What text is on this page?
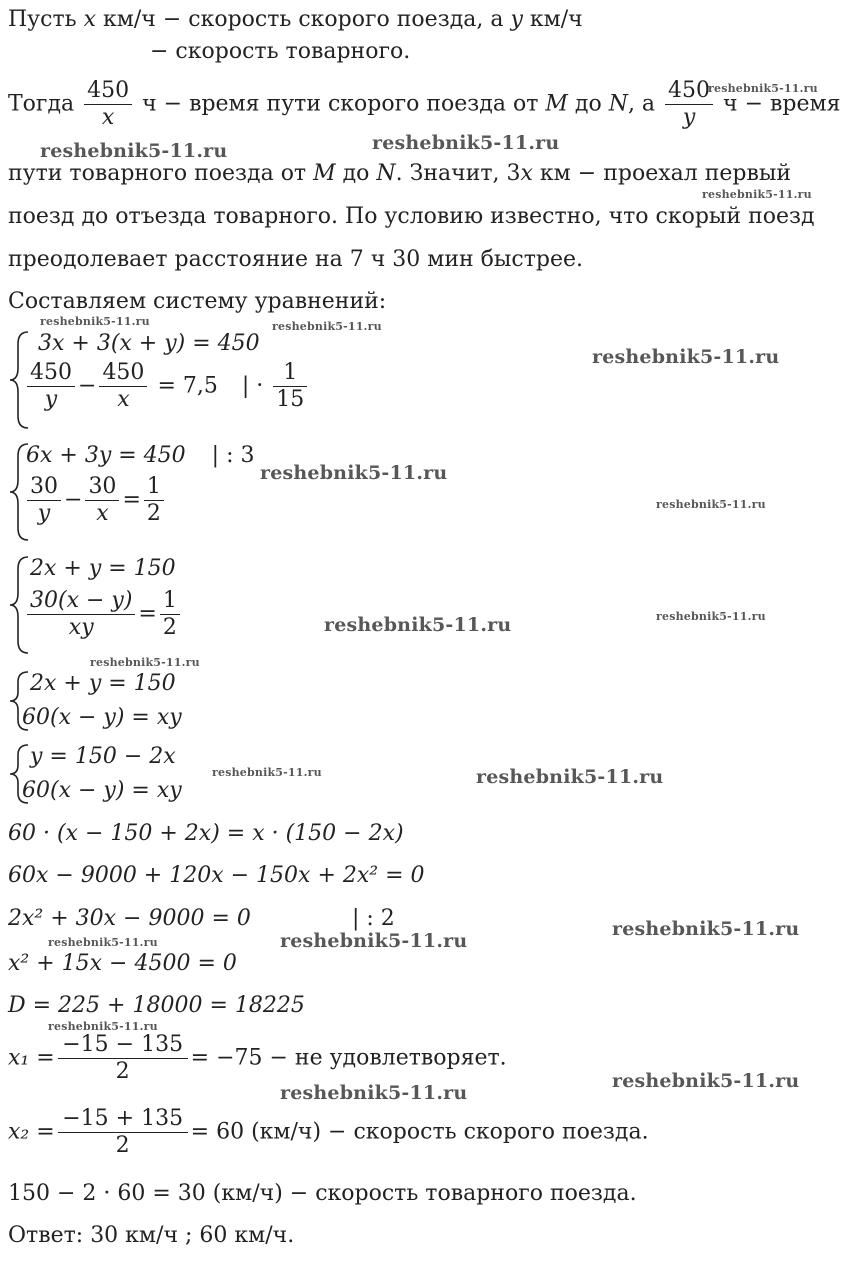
Пусть x км/ч − скорость скорого поезда, а y км/ч
− скорость товарного.
Тогда $\frac{450}{x}$ ч − время пути скорого поезда от M до N, а $\frac{450}{y}$ ч − время
пути товарного поезда от M до N. Значит, 3x км − проехал первый
поезд до отъезда товарного. По условию известно, что скорый поезд
преодолевает расстояние на 7 ч 30 мин быстрее.
Составляем систему уравнений:
3x + 3(x + y) = 450
$\frac{450}{y} - \frac{450}{x} = 7,5$ | · $\frac{1}{15}$
6x + 3y = 450 | : 3
$\frac{30}{y} - \frac{30}{x} = \frac{1}{2}$
2x + y = 150
$\frac{30(x - y)}{xy} = \frac{1}{2}$
2x + y = 150
60(x − y) = xy
y = 150 − 2x
60(x − y) = xy
60 · (x − 150 + 2x) = x · (150 − 2x)
60x − 9000 + 120x − 150x + 2x² = 0
2x² + 30x − 9000 = 0	| : 2
x² + 15x − 4500 = 0
D = 225 + 18000 = 18225
$x_1 = \frac{-15 - 135}{2} = -75$ − не удовлетворяет.
$x_2 = \frac{-15 + 135}{2} = 60$ (км/ч) − скорость скорого поезда.
150 − 2 · 60 = 30 (км/ч) − скорость товарного поезда.
Ответ: 30 км/ч ; 60 км/ч.
reshebnik5-11.ru	reshebnik5-11.ru
reshebnik5-11.ru
reshebnik5-11.ru
reshebnik5-11.ru	reshebnik5-11.ru
reshebnik5-11.ru
reshebnik5-11.ru
reshebnik5-11.ru
reshebnik5-11.ru
reshebnik5-11.ru
reshebnik5-11.ru
reshebnik5-11.ru	reshebnik5-11.ru
reshebnik5-11.ru
reshebnik5-11.ru
reshebnik5-11.ru
reshebnik5-11.ru
reshebnik5-11.ru
reshebnik5-11.ru
